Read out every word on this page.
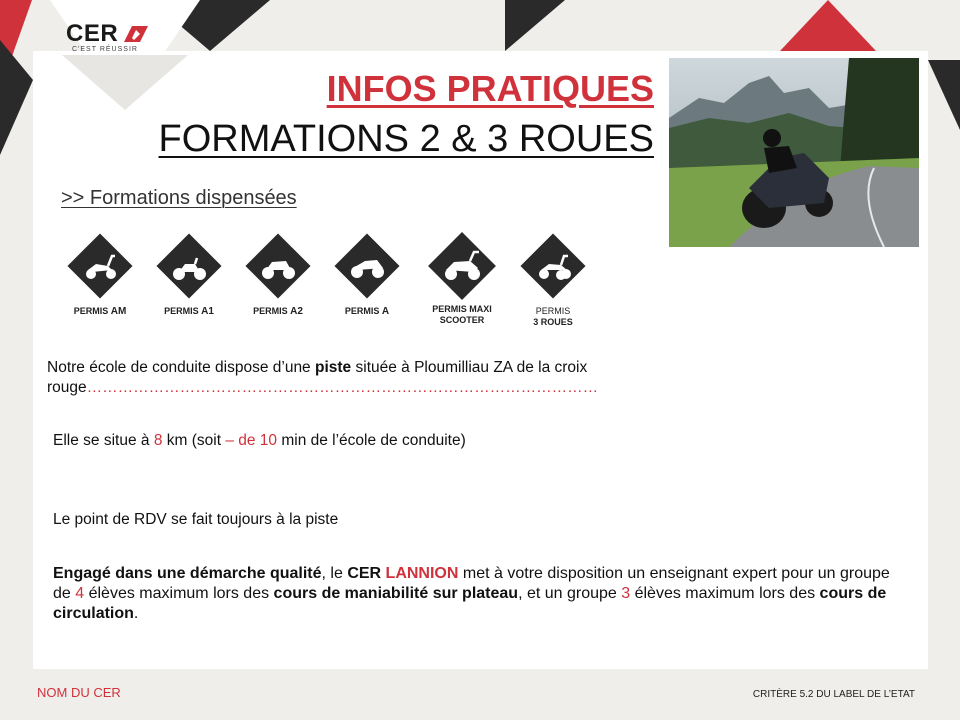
CER
C'EST RÉUSSIR
INFOS PRATIQUES
FORMATIONS 2 & 3 ROUES
>> Formations dispensées
PERMIS AM	PERMIS A1	PERMIS A2	PERMIS A	PERMIS MAXI
SCOOTER
PERMIS
3 ROUES
Notre école de conduite dispose d’une piste située à Ploumilliau ZA de la croix rouge………………………………………………………………………………………
Elle se situe à 8 km (soit – de 10 min de l’école de conduite)
Le point de RDV se fait toujours à la piste
Engagé dans une démarche qualité, le CER LANNION met à votre disposition un enseignant expert pour un groupe de 4 élèves maximum lors des cours de maniabilité sur plateau, et un groupe 3 élèves maximum lors des cours de circulation.
NOM DU CER	CRITÈRE 5.2 DU LABEL DE L’ETAT
